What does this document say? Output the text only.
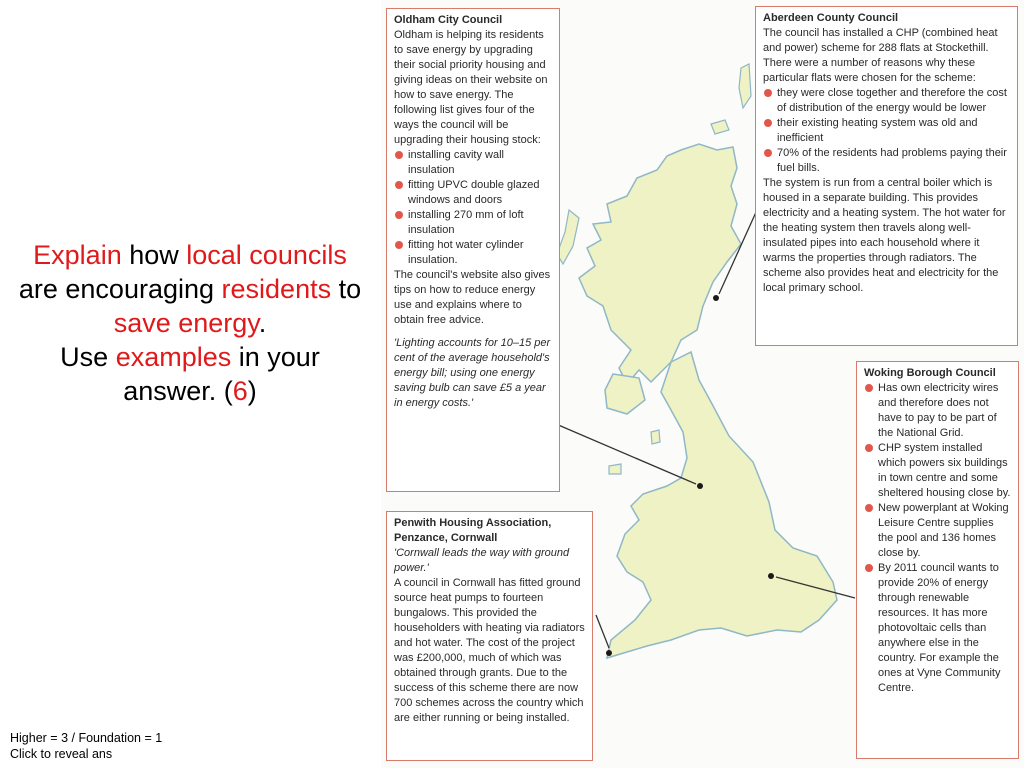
Explain how local councils are encouraging residents to save energy.
Use examples in your answer. (6)
Higher = 3 / Foundation = 1
Click to reveal ans
Oldham City Council
Oldham is helping its residents to save energy by upgrading their social priority housing and giving ideas on their website on how to save energy. The following list gives four of the ways the council will be upgrading their housing stock:
installing cavity wall insulation
fitting UPVC double glazed windows and doors
installing 270 mm of loft insulation
fitting hot water cylinder insulation.
The council's website also gives tips on how to reduce energy use and explains where to obtain free advice.
'Lighting accounts for 10–15 per cent of the average household's energy bill; using one energy saving bulb can save £5 a year in energy costs.'
Aberdeen County Council
The council has installed a CHP (combined heat and power) scheme for 288 flats at Stockethill. There were a number of reasons why these particular flats were chosen for the scheme:
they were close together and therefore the cost of distribution of the energy would be lower
their existing heating system was old and inefficient
70% of the residents had problems paying their fuel bills.
The system is run from a central boiler which is housed in a separate building. This provides electricity and a heating system. The hot water for the heating system then travels along well-insulated pipes into each household where it warms the properties through radiators. The scheme also provides heat and electricity for the local primary school.
Woking Borough Council
Has own electricity wires and therefore does not have to pay to be part of the National Grid.
CHP system installed which powers six buildings in town centre and some sheltered housing close by.
New powerplant at Woking Leisure Centre supplies the pool and 136 homes close by.
By 2011 council wants to provide 20% of energy through renewable resources. It has more photovoltaic cells than anywhere else in the country. For example the ones at Vyne Community Centre.
Penwith Housing Association, Penzance, Cornwall
'Cornwall leads the way with ground power.'
A council in Cornwall has fitted ground source heat pumps to fourteen bungalows. This provided the householders with heating via radiators and hot water. The cost of the project was £200,000, much of which was obtained through grants. Due to the success of this scheme there are now 700 schemes across the country which are either running or being installed.
